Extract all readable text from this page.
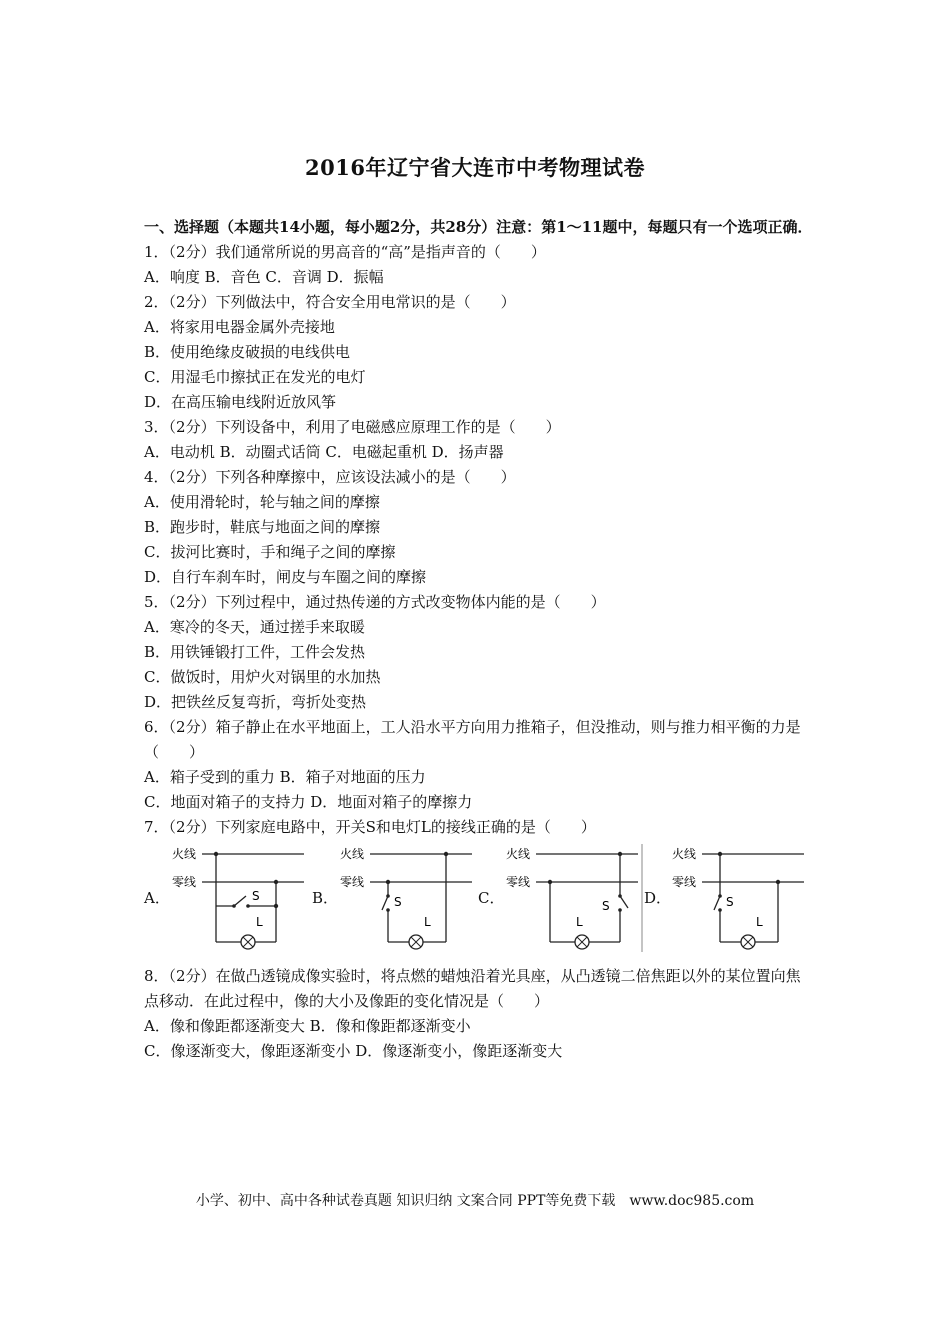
2016年辽宁省大连市中考物理试卷
一、选择题（本题共14小题，每小题2分，共28分）注意：第1～11题中，每题只有一个选项正确．
1．（2分）我们通常所说的男高音的“高”是指声音的（　　）
A．响度 B．音色 C．音调 D．振幅
2．（2分）下列做法中，符合安全用电常识的是（　　）
A．将家用电器金属外壳接地
B．使用绝缘皮破损的电线供电
C．用湿毛巾擦拭正在发光的电灯
D．在高压输电线附近放风筝
3．（2分）下列设备中，利用了电磁感应原理工作的是（　　）
A．电动机 B．动圈式话筒 C．电磁起重机 D．扬声器
4．（2分）下列各种摩擦中，应该设法减小的是（　　）
A．使用滑轮时，轮与轴之间的摩擦
B．跑步时，鞋底与地面之间的摩擦
C．拔河比赛时，手和绳子之间的摩擦
D．自行车刹车时，闸皮与车圈之间的摩擦
5．（2分）下列过程中，通过热传递的方式改变物体内能的是（　　）
A．寒冷的冬天，通过搓手来取暖
B．用铁锤锻打工件，工件会发热
C．做饭时，用炉火对锅里的水加热
D．把铁丝反复弯折，弯折处变热
6．（2分）箱子静止在水平地面上，工人沿水平方向用力推箱子，但没推动，则与推力相平衡的力是（　　）
A．箱子受到的重力 B．箱子对地面的压力
C．地面对箱子的支持力 D．地面对箱子的摩擦力
7．（2分）下列家庭电路中，开关S和电灯L的接线正确的是（　　）
A．
火线
零线
S
L
B．
火线
零线
S
L
C．
火线
零线
S
L
D．
火线
零线
S
L
8．（2分）在做凸透镜成像实验时，将点燃的蜡烛沿着光具座，从凸透镜二倍焦距以外的某位置向焦点移动．在此过程中，像的大小及像距的变化情况是（　　）
A．像和像距都逐渐变大 B．像和像距都逐渐变小
C．像逐渐变大，像距逐渐变小 D．像逐渐变小，像距逐渐变大
小学、初中、高中各种试卷真题 知识归纳 文案合同 PPT等免费下载　www.doc985.com
